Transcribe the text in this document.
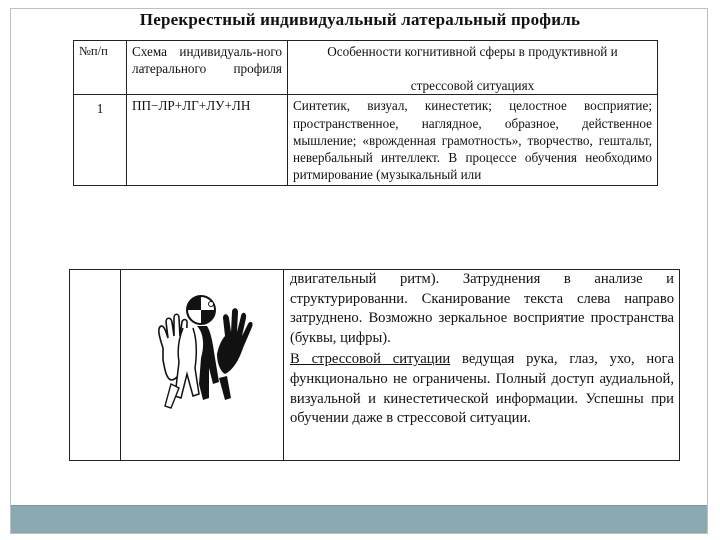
Перекрестный индивидуальный латеральный профиль
№п/п	Схема индивидуаль-ного латерального профиля	Особенности когнитивной сферы в продуктивной и
стрессовой ситуациях
1	ПП−ЛР+ЛГ+ЛУ+ЛН	Синтетик, визуал, кинестетик; целостное восприятие; пространственное, наглядное, образное, действенное мышление; «врожденная грамотность», творчество, гештальт, невербальный интеллект. В процессе обучения необходимо ритмирование (музыкальный или

двигательный ритм). Затруднения в анализе и структурированни. Сканирование текста слева направо затруднено. Возможно зеркальное восприятие пространства (буквы, цифры).

В стрессовой ситуации ведущая рука, глаз, ухо, нога функционально не ограничены. Полный доступ аудиальной, визуальной и кинестетической информации. Успешны при обучении даже в стрессовой ситуации.
